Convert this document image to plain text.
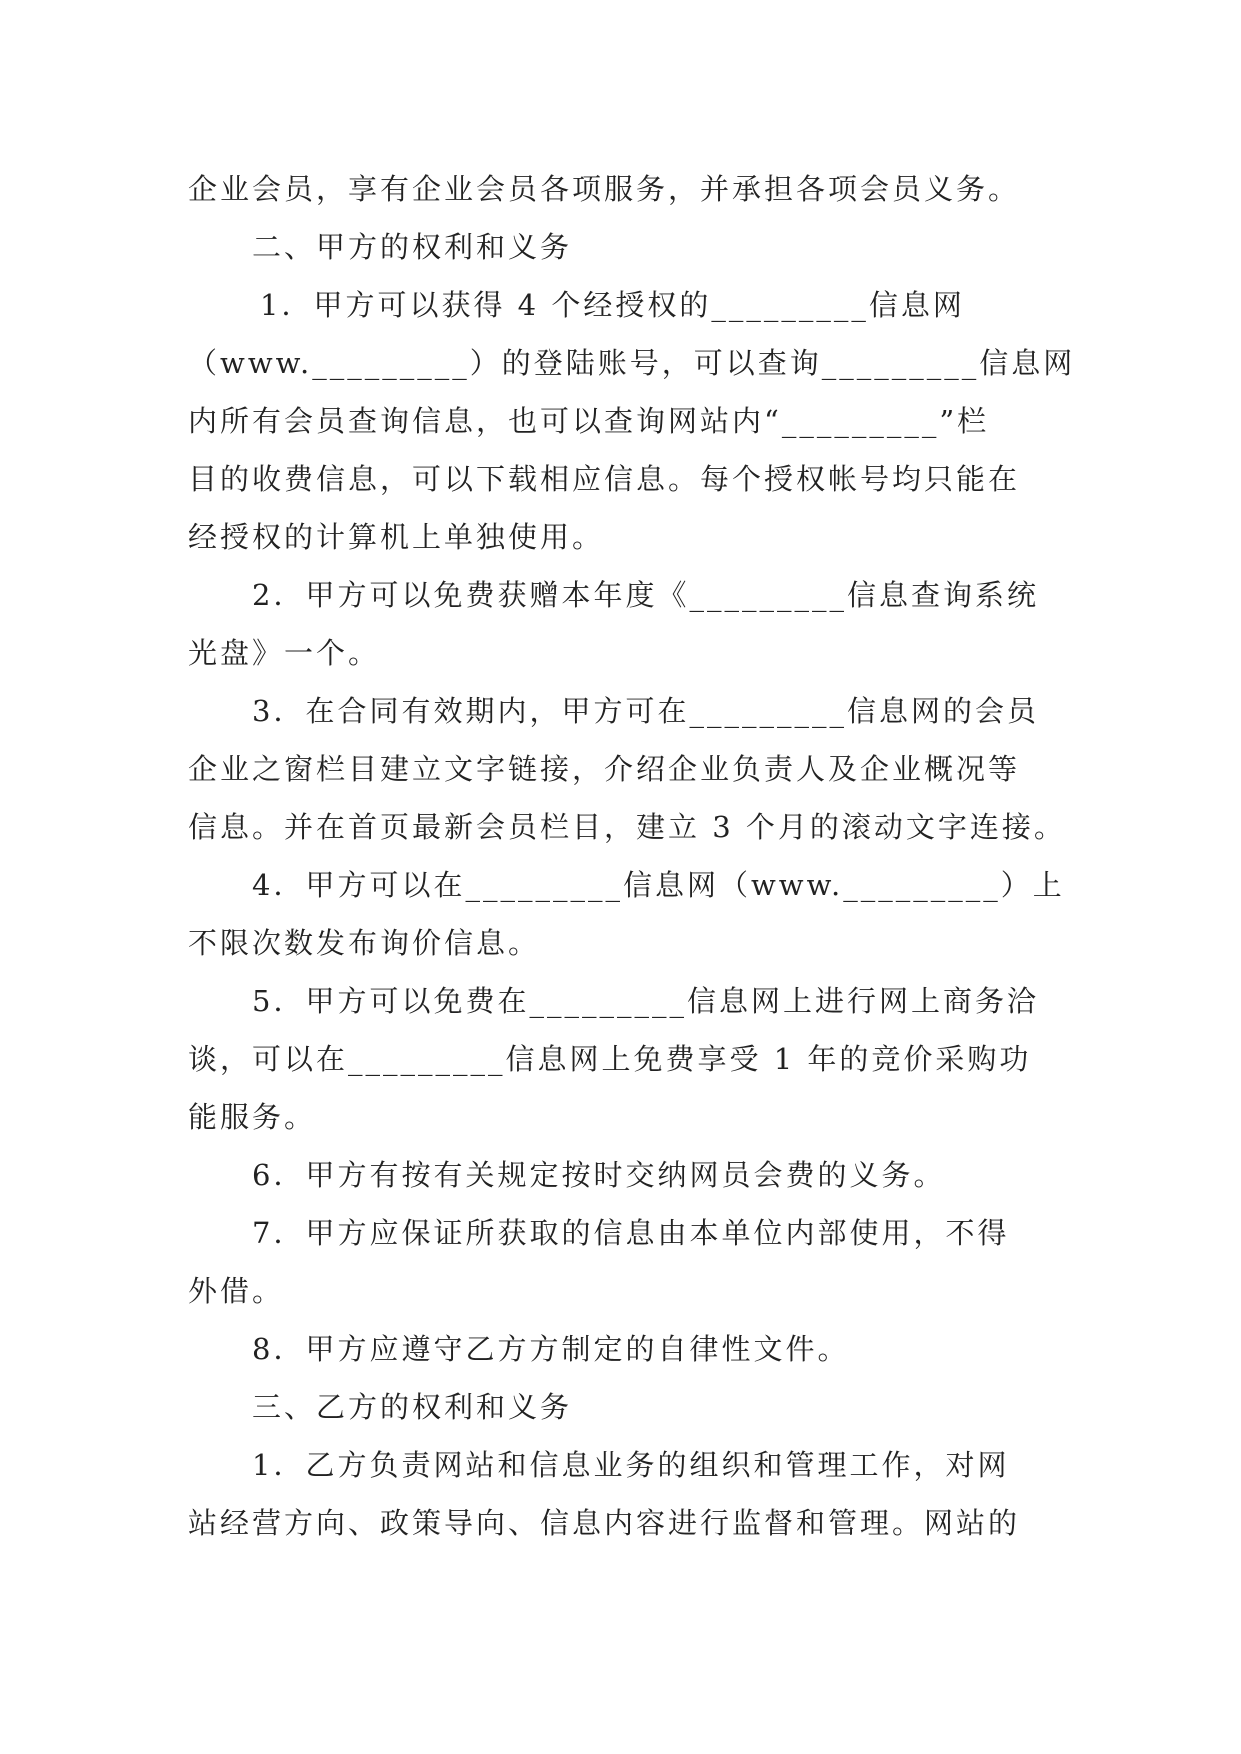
企业会员，享有企业会员各项服务，并承担各项会员义务。
二、甲方的权利和义务
1．甲方可以获得 4 个经授权的_________信息网
（www._________）的登陆账号，可以查询_________信息网
内所有会员查询信息，也可以查询网站内“_________”栏
目的收费信息，可以下载相应信息。每个授权帐号均只能在
经授权的计算机上单独使用。
2．甲方可以免费获赠本年度《_________信息查询系统
光盘》一个。
3．在合同有效期内，甲方可在_________信息网的会员
企业之窗栏目建立文字链接，介绍企业负责人及企业概况等
信息。并在首页最新会员栏目，建立 3 个月的滚动文字连接。
4．甲方可以在_________信息网（www._________）上
不限次数发布询价信息。
5．甲方可以免费在_________信息网上进行网上商务洽
谈，可以在_________信息网上免费享受 1 年的竞价采购功
能服务。
6．甲方有按有关规定按时交纳网员会费的义务。
7．甲方应保证所获取的信息由本单位内部使用，不得
外借。
8．甲方应遵守乙方方制定的自律性文件。
三、乙方的权利和义务
1．乙方负责网站和信息业务的组织和管理工作，对网
站经营方向、政策导向、信息内容进行监督和管理。网站的
